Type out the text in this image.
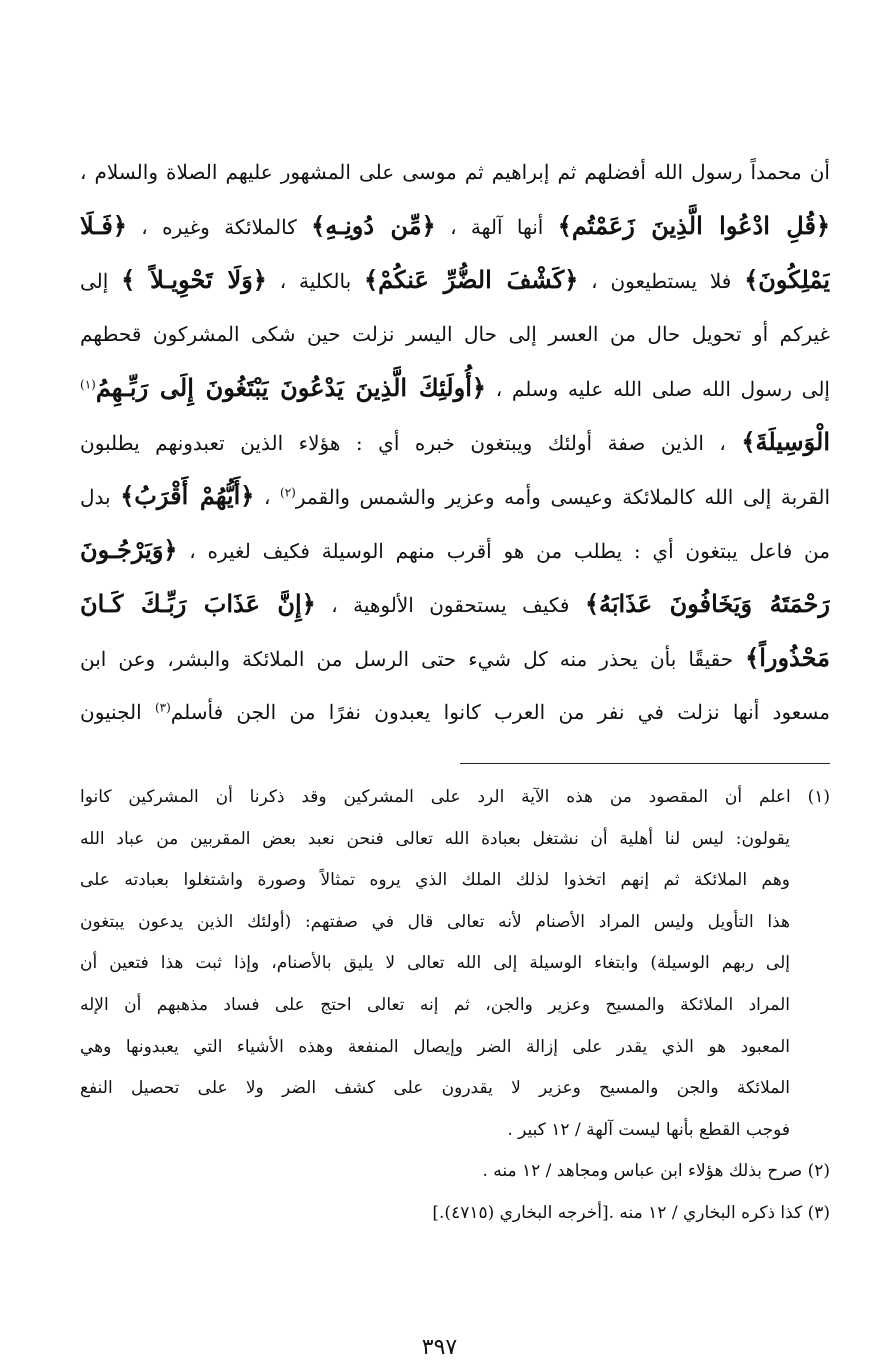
أن محمداً رسول الله أفضلهم ثم إبراهيم ثم موسى على المشهور عليهم الصلاة والسلام ،
﴿قُلِ ادْعُوا الَّذِينَ زَعَمْتُم﴾ أنها آلهة ، ﴿مِّن دُونِـهِ﴾ كالملائكة وغيره ، ﴿فَـلَا
يَمْلِكُونَ﴾ فلا يستطيعون ، ﴿كَشْفَ الضُّرِّ عَنكُمْ﴾ بالكلية ، ﴿وَلَا تَحْوِيـلاً ﴾ إلى
غيركم أو تحويل حال من العسر إلى حال اليسر نزلت حين شكى المشركون قحطهم
إلى رسول الله صلى الله عليه وسلم ، ﴿أُولَئِكَ الَّذِينَ يَدْعُونَ يَبْتَغُونَ إِلَى رَبِّـهِمُ$^{(١)}$
الْوَسِيلَةَ﴾ ، الذين صفة أولئك ويبتغون خبره أي : هؤلاء الذين تعبدونهم يطلبون
القربة إلى الله كالملائكة وعيسى وأمه وعزير والشمس والقمر$^{(٢)}$ ، ﴿أَيُّهُمْ أَقْرَبُ﴾ بدل
من فاعل يبتغون أي : يطلب من هو أقرب منهم الوسيلة فكيف لغيره ، ﴿وَيَرْجُـونَ
رَحْمَتَهُ وَيَخَافُونَ عَذَابَهُ﴾ فكيف يستحقون الألوهية ، ﴿إِنَّ عَذَابَ رَبِّـكَ كَـانَ
مَحْذُوراً﴾ حقيقًا بأن يحذر منه كل شيء حتى الرسل من الملائكة والبشر، وعن ابن
مسعود أنها نزلت في نفر من العرب كانوا يعبدون نفرًا من الجن فأسلم$^{(٣)}$ الجنيون
(١) اعلم أن المقصود من هذه الآية الرد على المشركين وقد ذكرنا أن المشركين كانوا
يقولون: ليس لنا أهلية أن نشتغل بعبادة الله تعالى فنحن نعبد بعض المقربين من عباد الله
وهم الملائكة ثم إنهم اتخذوا لذلك الملك الذي يروه تمثالاً وصورة واشتغلوا بعبادته على
هذا التأويل وليس المراد الأصنام لأنه تعالى قال في صفتهم: (أولئك الذين يدعون يبتغون
إلى ربهم الوسيلة) وابتغاء الوسيلة إلى الله تعالى لا يليق بالأصنام، وإذا ثبت هذا فتعين أن
المراد الملائكة والمسيح وعزير والجن، ثم إنه تعالى احتج على فساد مذهبهم أن الإله
المعبود هو الذي يقدر على إزالة الضر وإيصال المنفعة وهذه الأشياء التي يعبدونها وهي
الملائكة والجن والمسيح وعزير لا يقدرون على كشف الضر ولا على تحصيل النفع
فوجب القطع بأنها ليست آلهة / ١٢ كبير .
(٢) صرح بذلك هؤلاء ابن عباس ومجاهد / ١٢ منه .
(٣) كذا ذكره البخاري / ١٢ منه .[أخرجه البخاري (٤٧١٥).]
٣٩٧
